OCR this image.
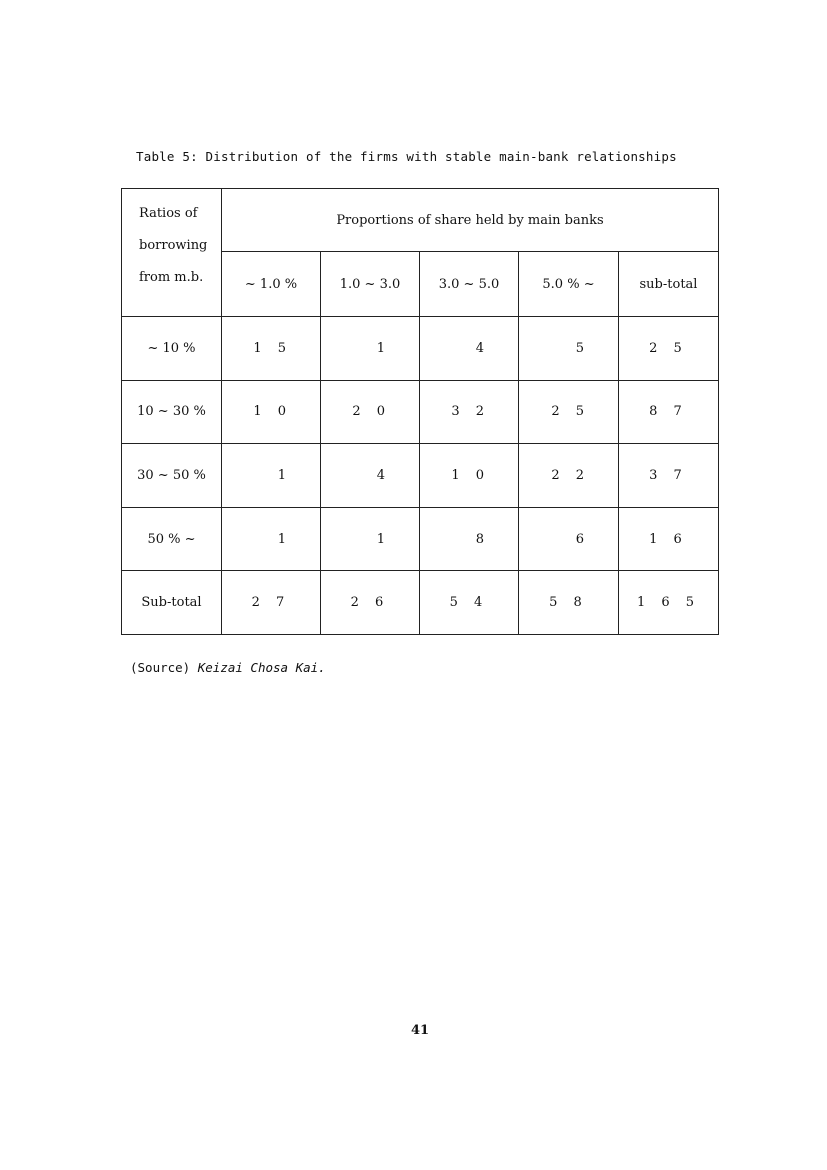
Table 5: Distribution of the firms with stable main-bank relationships
Ratios of
borrowing
from m.b.	Proportions of share held by main banks				
	~ 1.0 %	1.0 ~ 3.0	3.0 ~ 5.0	5.0 % ~	sub-total
~ 10 %	1 5	1	4	5	2 5
10 ~ 30 %	1 0	2 0	3 2	2 5	8 7
30 ~ 50 %	1	4	1 0	2 2	3 7
50 % ~	1	1	8	6	1 6
Sub-total	2 7	2 6	5 4	5 8	1 6 5
(Source) Keizai Chosa Kai.
41
